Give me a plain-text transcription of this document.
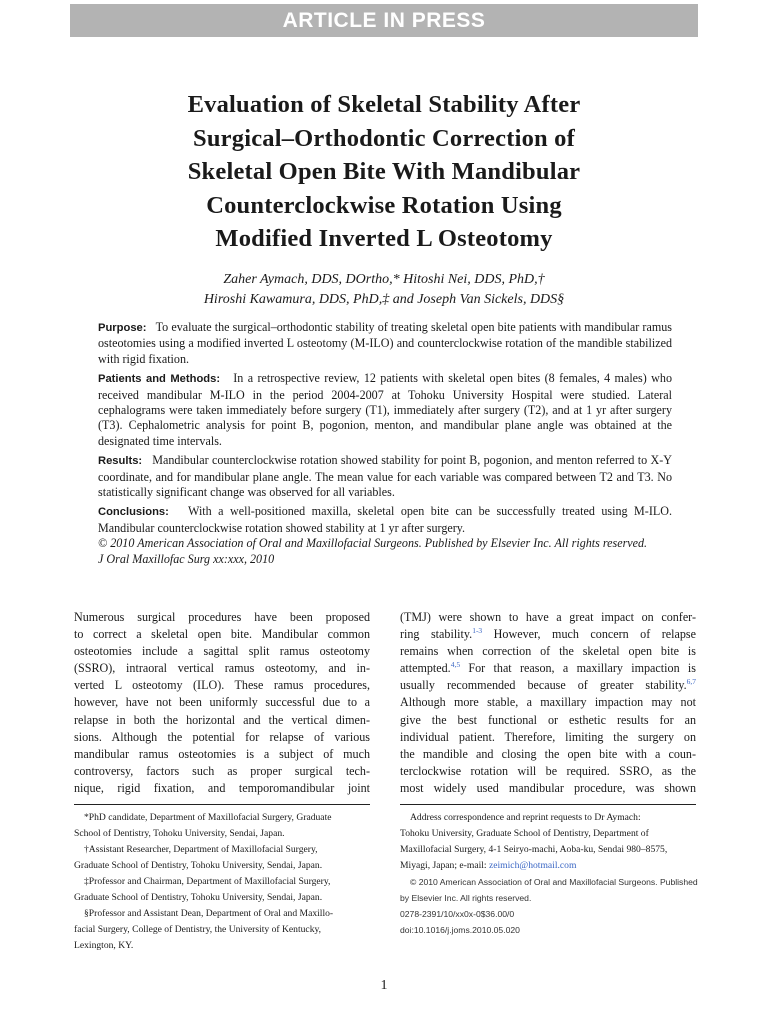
ARTICLE IN PRESS
Evaluation of Skeletal Stability After
Surgical–Orthodontic Correction of
Skeletal Open Bite With Mandibular
Counterclockwise Rotation Using
Modified Inverted L Osteotomy
Zaher Aymach, DDS, DOrtho,* Hitoshi Nei, DDS, PhD,†
Hiroshi Kawamura, DDS, PhD,‡ and Joseph Van Sickels, DDS§

Purpose: To evaluate the surgical–orthodontic stability of treating skeletal open bite patients with mandibular ramus osteotomies using a modified inverted L osteotomy (M-ILO) and counterclockwise rotation of the mandible stabilized with rigid fixation.

Patients and Methods: In a retrospective review, 12 patients with skeletal open bites (8 females, 4 males) who received mandibular M-ILO in the period 2004-2007 at Tohoku University Hospital were studied. Lateral cephalograms were taken immediately before surgery (T1), immediately after surgery (T2), and at 1 yr after surgery (T3). Cephalometric analysis for point B, pogonion, menton, and mandibular plane angle was obtained at the designated time intervals.

Results: Mandibular counterclockwise rotation showed stability for point B, pogonion, and menton referred to X-Y coordinate, and for mandibular plane angle. The mean value for each variable was compared between T2 and T3. No statistically significant change was observed for all variables.

Conclusions: With a well-positioned maxilla, skeletal open bite can be successfully treated using M-ILO. Mandibular counterclockwise rotation showed stability at 1 yr after surgery.

© 2010 American Association of Oral and Maxillofacial Surgeons. Published by Elsevier Inc. All rights reserved.

J Oral Maxillofac Surg xx:xxx, 2010

Numerous surgical procedures have been proposed
to correct a skeletal open bite. Mandibular common
osteotomies include a sagittal split ramus osteotomy
(SSRO), intraoral vertical ramus osteotomy, and in-
verted L osteotomy (ILO). These ramus procedures,
however, have not been uniformly successful due to a
relapse in both the horizontal and the vertical dimen-
sions. Although the potential for relapse of various
mandibular ramus osteotomies is a subject of much
controversy, factors such as proper surgical tech-
nique, rigid fixation, and temporomandibular joint
(TMJ) were shown to have a great impact on confer-
ring stability.$^{1-3}$ However, much concern of relapse
remains when correction of the skeletal open bite is
attempted.$^{4,5}$ For that reason, a maxillary impaction is
usually recommended because of greater stability.$^{6,7}$
Although more stable, a maxillary impaction may not
give the best functional or esthetic results for an
individual patient. Therefore, limiting the surgery on
the mandible and closing the open bite with a coun-
terclockwise rotation will be required. SSRO, as the
most widely used mandibular procedure, was shown
*PhD candidate, Department of Maxillofacial Surgery, Graduate
School of Dentistry, Tohoku University, Sendai, Japan.
†Assistant Researcher, Department of Maxillofacial Surgery,
Graduate School of Dentistry, Tohoku University, Sendai, Japan.
‡Professor and Chairman, Department of Maxillofacial Surgery,
Graduate School of Dentistry, Tohoku University, Sendai, Japan.
§Professor and Assistant Dean, Department of Oral and Maxillo-
facial Surgery, College of Dentistry, the University of Kentucky,
Lexington, KY.
Address correspondence and reprint requests to Dr Aymach:
Tohoku University, Graduate School of Dentistry, Department of
Maxillofacial Surgery, 4-1 Seiryo-machi, Aoba-ku, Sendai 980–8575,
Miyagi, Japan; e-mail: zeimich@hotmail.com
© 2010 American Association of Oral and Maxillofacial Surgeons. Published
by Elsevier Inc. All rights reserved.
0278-2391/10/xx0x-0$36.00/0
doi:10.1016/j.joms.2010.05.020
1
